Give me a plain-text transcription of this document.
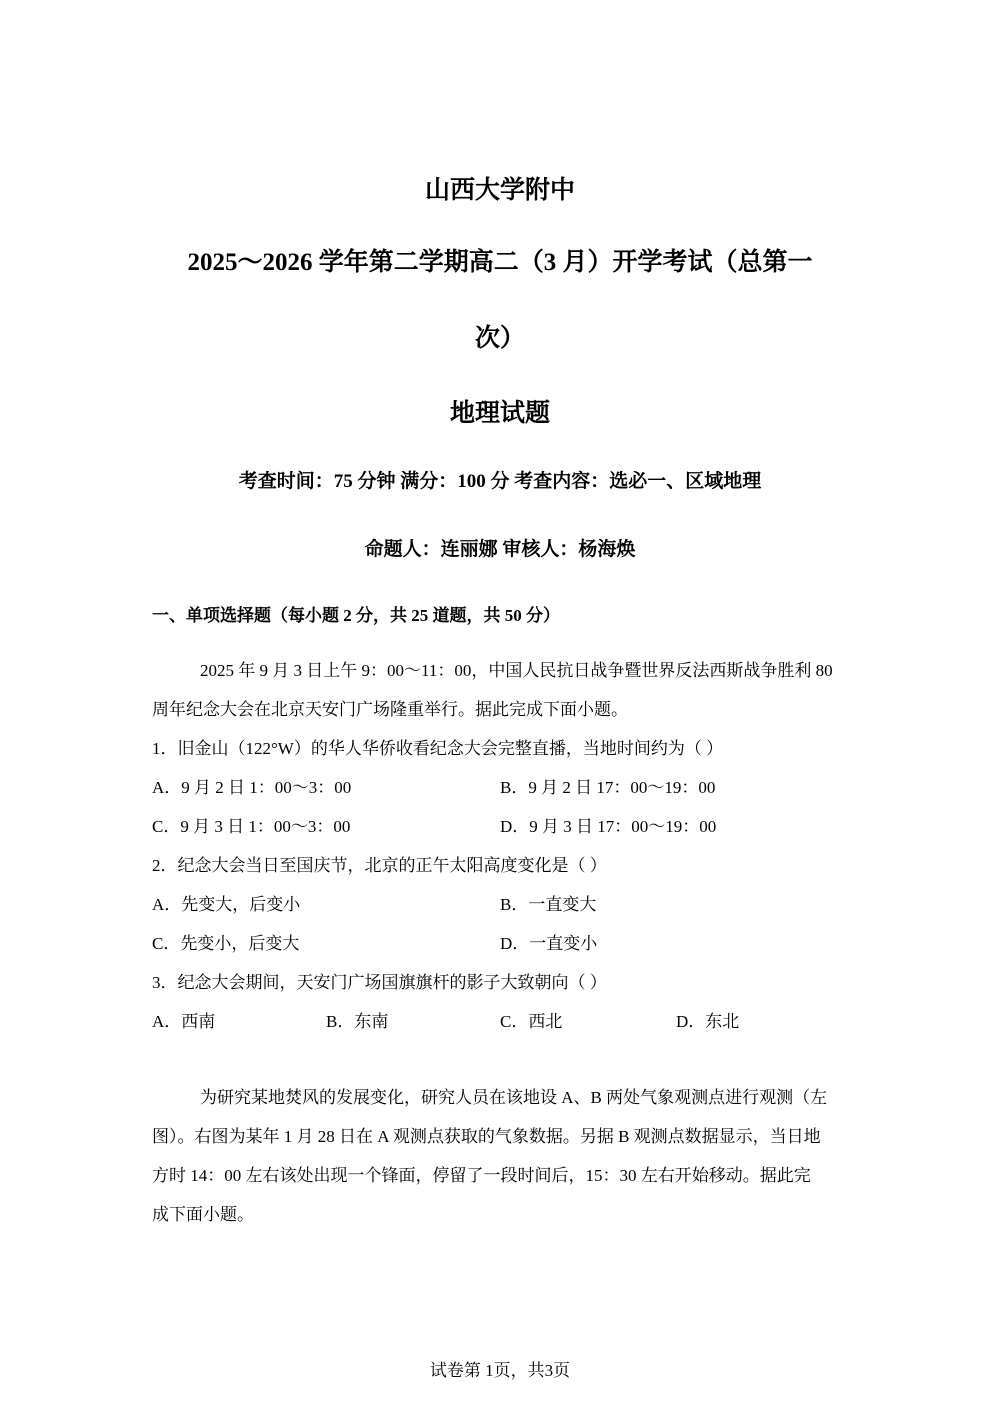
山西大学附中
2025～2026 学年第二学期高二（3 月）开学考试（总第一
次）
地理试题
考查时间：75 分钟 满分：100 分 考查内容：选必一、区域地理
命题人：连丽娜 审核人：杨海焕
一、单项选择题（每小题 2 分，共 25 道题，共 50 分）
2025 年 9 月 3 日上午 9：00～11：00，中国人民抗日战争暨世界反法西斯战争胜利 80
周年纪念大会在北京天安门广场隆重举行。据此完成下面小题。
1．旧金山（122°W）的华人华侨收看纪念大会完整直播，当地时间约为（ ）
A．9 月 2 日 1：00～3：00	B．9 月 2 日 17：00～19：00
C．9 月 3 日 1：00～3：00	D．9 月 3 日 17：00～19：00
2．纪念大会当日至国庆节，北京的正午太阳高度变化是（ ）
A．先变大，后变小	B．一直变大
C．先变小，后变大	D．一直变小
3．纪念大会期间，天安门广场国旗旗杆的影子大致朝向（ ）
A．西南	B．东南	C．西北	D．东北
为研究某地焚风的发展变化，研究人员在该地设 A、B 两处气象观测点进行观测（左
图）。右图为某年 1 月 28 日在 A 观测点获取的气象数据。另据 B 观测点数据显示，当日地
方时 14：00 左右该处出现一个锋面，停留了一段时间后，15：30 左右开始移动。据此完
成下面小题。
试卷第 1页，共3页
